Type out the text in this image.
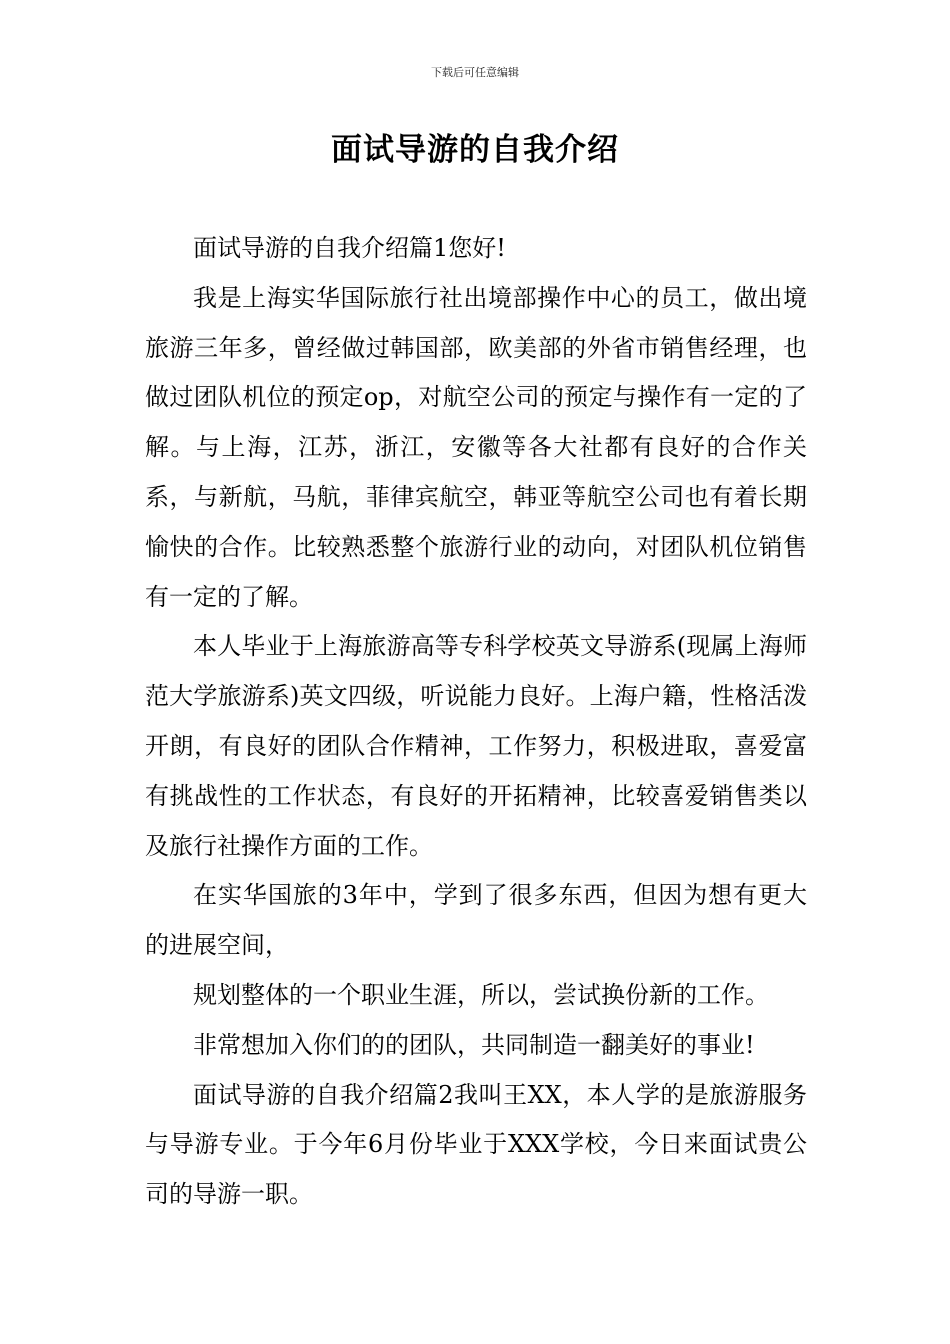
下载后可任意编辑
面试导游的自我介绍

面试导游的自我介绍篇1您好!

我是上海实华国际旅行社出境部操作中心的员工，做出境旅游三年多，曾经做过韩国部，欧美部的外省市销售经理，也做过团队机位的预定op，对航空公司的预定与操作有一定的了解。与上海，江苏，浙江，安徽等各大社都有良好的合作关系，与新航，马航，菲律宾航空，韩亚等航空公司也有着长期愉快的合作。比较熟悉整个旅游行业的动向，对团队机位销售有一定的了解。

本人毕业于上海旅游高等专科学校英文导游系(现属上海师范大学旅游系)英文四级，听说能力良好。上海户籍，性格活泼开朗，有良好的团队合作精神，工作努力，积极进取，喜爱富有挑战性的工作状态，有良好的开拓精神，比较喜爱销售类以及旅行社操作方面的工作。

在实华国旅的3年中，学到了很多东西，但因为想有更大的进展空间，

规划整体的一个职业生涯，所以，尝试换份新的工作。

非常想加入你们的的团队，共同制造一翻美好的事业!

面试导游的自我介绍篇2我叫王XX，本人学的是旅游服务与导游专业。于今年6月份毕业于XXX学校，今日来面试贵公司的导游一职。
